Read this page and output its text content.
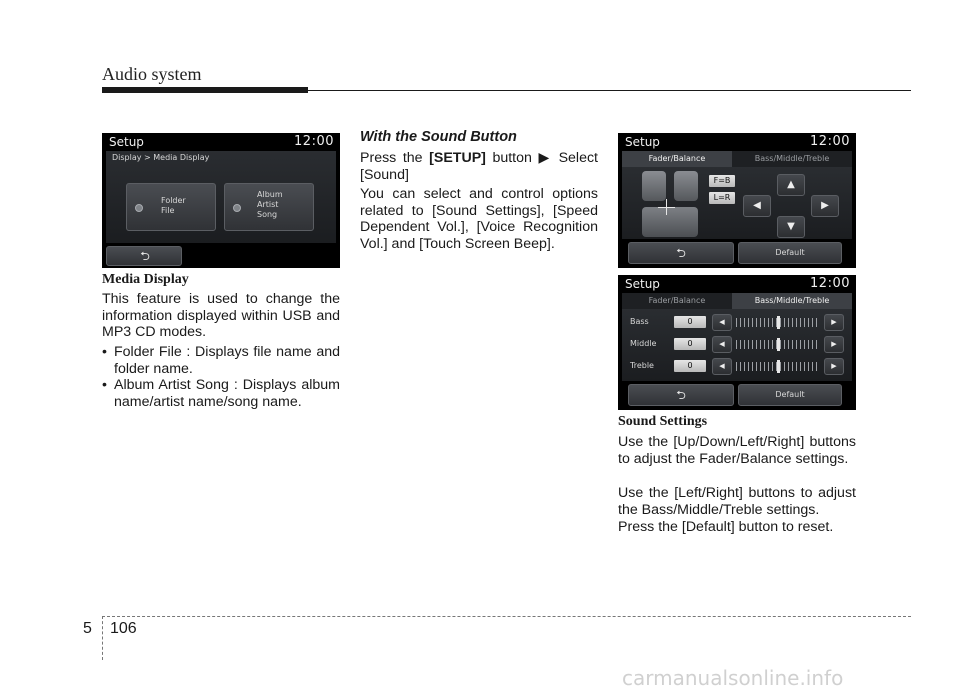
Audio system
Setup	12:00
Display > Media Display
Folder
File
Album
Artist
Song
⮌
Media Display
This feature is used to change the information displayed within USB and MP3 CD modes.
• Folder File : Displays file name and folder name.
• Album Artist Song : Displays album name/artist name/song name.
With the Sound Button
Press the [SETUP] button ▶ Select [Sound]
You can select and control options related to [Sound Settings], [Speed Dependent Vol.], [Voice Recognition Vol.] and [Touch Screen Beep].
Setup	12:00
Fader/Balance	Bass/Middle/Treble
F=B
L=R
▲
◀	▶
▼
⮌	Default
Setup	12:00
Fader/Balance	Bass/Middle/Treble
Bass	0	◀	▶
Middle	0	◀	▶
Treble	0	◀	▶
⮌	Default
Sound Settings
Use the [Up/Down/Left/Right] buttons to adjust the Fader/Balance settings.
Use the [Left/Right] buttons to adjust the Bass/Middle/Treble settings.
Press the [Default] button to reset.
5 106
carmanualsonline.info
